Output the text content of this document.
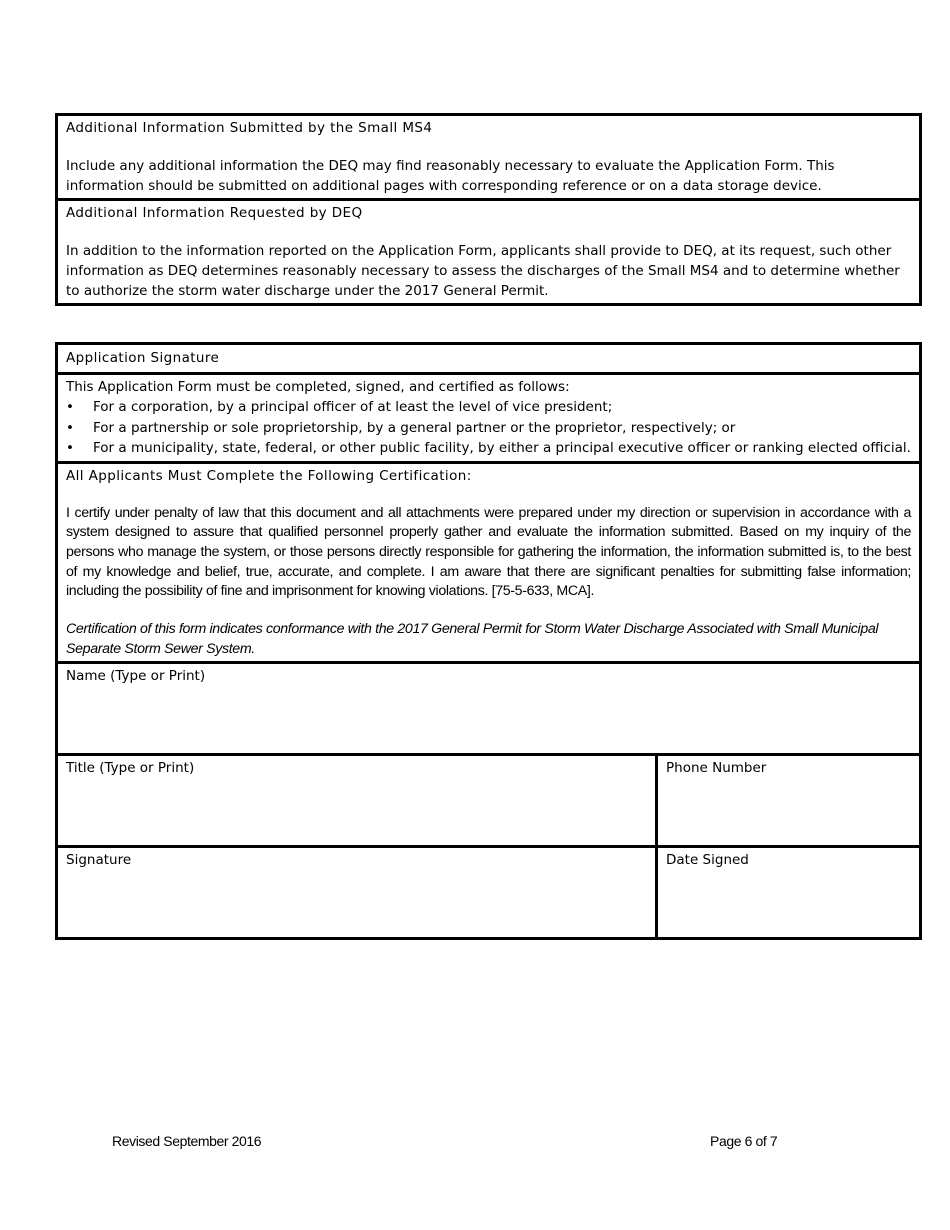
Additional Information Submitted by the Small MS4
Include any additional information the DEQ may find reasonably necessary to evaluate the Application Form. This information should be submitted on additional pages with corresponding reference or on a data storage device.
Additional Information Requested by DEQ
In addition to the information reported on the Application Form, applicants shall provide to DEQ, at its request, such other information as DEQ determines reasonably necessary to assess the discharges of the Small MS4 and to determine whether to authorize the storm water discharge under the 2017 General Permit.
Application Signature
This Application Form must be completed, signed, and certified as follows:
• For a corporation, by a principal officer of at least the level of vice president;
• For a partnership or sole proprietorship, by a general partner or the proprietor, respectively; or
• For a municipality, state, federal, or other public facility, by either a principal executive officer or ranking elected official.
All Applicants Must Complete the Following Certification:
I certify under penalty of law that this document and all attachments were prepared under my direction or supervision in accordance with a system designed to assure that qualified personnel properly gather and evaluate the information submitted. Based on my inquiry of the persons who manage the system, or those persons directly responsible for gathering the information, the information submitted is, to the best of my knowledge and belief, true, accurate, and complete. I am aware that there are significant penalties for submitting false information; including the possibility of fine and imprisonment for knowing violations. [75-5-633, MCA].
Certification of this form indicates conformance with the 2017 General Permit for Storm Water Discharge Associated with Small Municipal Separate Storm Sewer System.
Name (Type or Print)
Title (Type or Print)	Phone Number
Signature	Date Signed
Revised September 2016	Page 6 of 7
